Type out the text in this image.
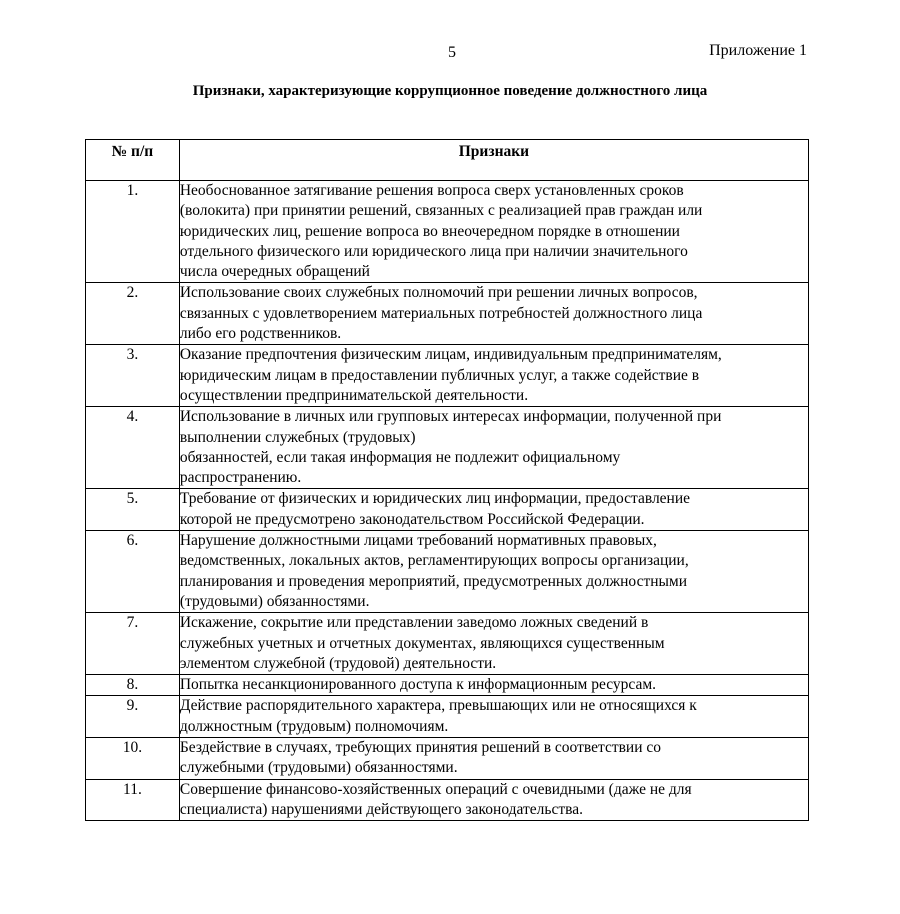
5	Приложение 1
Признаки, характеризующие коррупционное поведение должностного лица
№ п/п	Признаки
1.	Необоснованное затягивание решения вопроса сверх установленных сроков
(волокита) при принятии решений, связанных с реализацией прав граждан или
юридических лиц, решение вопроса во внеочередном порядке в отношении
отдельного физического или юридического лица при наличии значительного
числа очередных обращений

2.	Использование своих служебных полномочий при решении личных вопросов,
связанных с удовлетворением материальных потребностей должностного лица
либо его родственников.

3.	Оказание предпочтения физическим лицам, индивидуальным предпринимателям,
юридическим лицам в предоставлении публичных услуг, а также содействие в
осуществлении предпринимательской деятельности.

4.	Использование в личных или групповых интересах информации, полученной при
выполнении служебных (трудовых)
обязанностей, если такая информация не подлежит официальному
распространению.

5.	Требование от физических и юридических лиц информации, предоставление
которой не предусмотрено законодательством Российской Федерации.

6.	Нарушение должностными лицами требований нормативных правовых,
ведомственных, локальных актов, регламентирующих вопросы организации,
планирования и проведения мероприятий, предусмотренных должностными
(трудовыми) обязанностями.

7.	Искажение, сокрытие или представлении заведомо ложных сведений в
служебных учетных и отчетных документах, являющихся существенным
элементом служебной (трудовой) деятельности.

8.	Попытка несанкционированного доступа к информационным ресурсам.

9.	Действие распорядительного характера, превышающих или не относящихся к
должностным (трудовым) полномочиям.

10.	Бездействие в случаях, требующих принятия решений в соответствии со
служебными (трудовыми) обязанностями.

11.	Совершение финансово-хозяйственных операций с очевидными (даже не для
специалиста) нарушениями действующего законодательства.
